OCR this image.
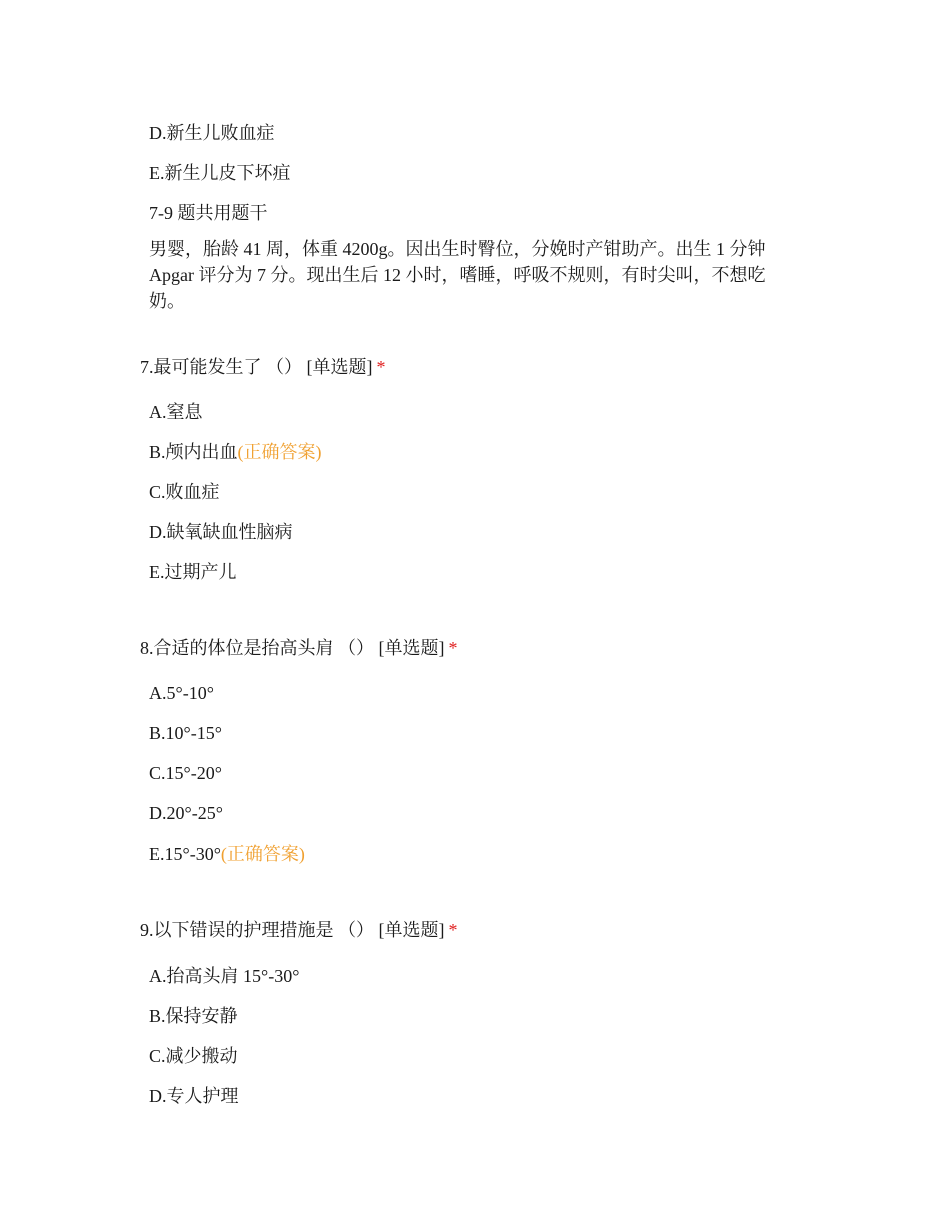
D.新生儿败血症
E.新生儿皮下坏疽
7-9 题共用题干
男婴，胎龄 41 周，体重 4200g。因出生时臀位，分娩时产钳助产。出生 1 分钟 Apgar 评分为 7 分。现出生后 12 小时，嗜睡，呼吸不规则，有时尖叫，不想吃奶。
7.最可能发生了 （） [单选题] *
A.窒息
B.颅内出血(正确答案)
C.败血症
D.缺氧缺血性脑病
E.过期产儿
8.合适的体位是抬高头肩 （） [单选题] *
A.5°-10°
B.10°-15°
C.15°-20°
D.20°-25°
E.15°-30°(正确答案)
9.以下错误的护理措施是 （） [单选题] *
A.抬高头肩 15°-30°
B.保持安静
C.减少搬动
D.专人护理
